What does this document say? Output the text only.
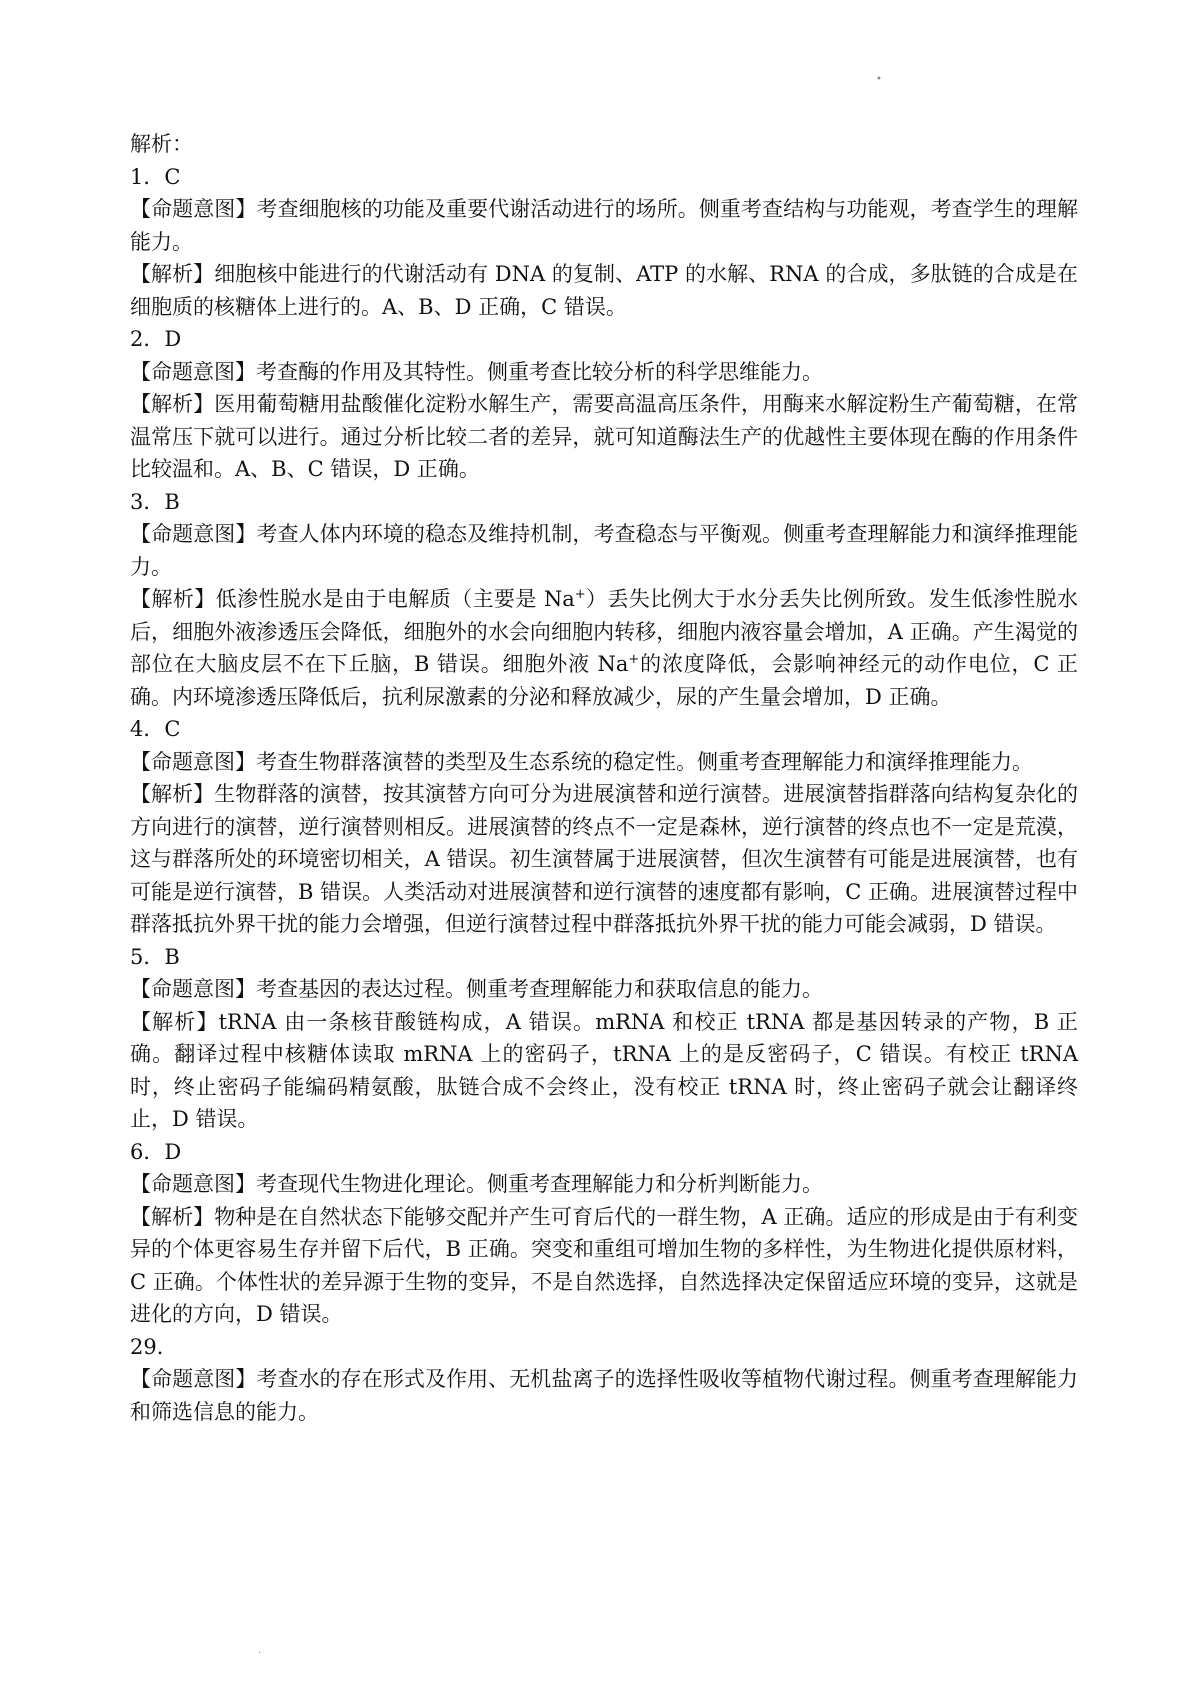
•
·
解析：
1．C
【命题意图】考查细胞核的功能及重要代谢活动进行的场所。侧重考查结构与功能观，考查学生的理解能力。
【解析】细胞核中能进行的代谢活动有 DNA 的复制、ATP 的水解、RNA 的合成，多肽链的合成是在细胞质的核糖体上进行的。A、B、D 正确，C 错误。
2．D
【命题意图】考查酶的作用及其特性。侧重考查比较分析的科学思维能力。
【解析】医用葡萄糖用盐酸催化淀粉水解生产，需要高温高压条件，用酶来水解淀粉生产葡萄糖，在常温常压下就可以进行。通过分析比较二者的差异，就可知道酶法生产的优越性主要体现在酶的作用条件比较温和。A、B、C 错误，D 正确。
3．B
【命题意图】考查人体内环境的稳态及维持机制，考查稳态与平衡观。侧重考查理解能力和演绎推理能力。
【解析】低渗性脱水是由于电解质（主要是 Na+）丢失比例大于水分丢失比例所致。发生低渗性脱水后，细胞外液渗透压会降低，细胞外的水会向细胞内转移，细胞内液容量会增加，A 正确。产生渴觉的部位在大脑皮层不在下丘脑，B 错误。细胞外液 Na+的浓度降低，会影响神经元的动作电位，C 正确。内环境渗透压降低后，抗利尿激素的分泌和释放减少，尿的产生量会增加，D 正确。
4．C
【命题意图】考查生物群落演替的类型及生态系统的稳定性。侧重考查理解能力和演绎推理能力。
【解析】生物群落的演替，按其演替方向可分为进展演替和逆行演替。进展演替指群落向结构复杂化的方向进行的演替，逆行演替则相反。进展演替的终点不一定是森林，逆行演替的终点也不一定是荒漠，这与群落所处的环境密切相关，A 错误。初生演替属于进展演替，但次生演替有可能是进展演替，也有可能是逆行演替，B 错误。人类活动对进展演替和逆行演替的速度都有影响，C 正确。进展演替过程中群落抵抗外界干扰的能力会增强，但逆行演替过程中群落抵抗外界干扰的能力可能会减弱，D 错误。
5．B
【命题意图】考查基因的表达过程。侧重考查理解能力和获取信息的能力。
【解析】tRNA 由一条核苷酸链构成，A 错误。mRNA 和校正 tRNA 都是基因转录的产物，B 正确。翻译过程中核糖体读取 mRNA 上的密码子，tRNA 上的是反密码子，C 错误。有校正 tRNA 时，终止密码子能编码精氨酸，肽链合成不会终止，没有校正 tRNA 时，终止密码子就会让翻译终止，D 错误。
6．D
【命题意图】考查现代生物进化理论。侧重考查理解能力和分析判断能力。
【解析】物种是在自然状态下能够交配并产生可育后代的一群生物，A 正确。适应的形成是由于有利变异的个体更容易生存并留下后代，B 正确。突变和重组可增加生物的多样性，为生物进化提供原材料，C 正确。个体性状的差异源于生物的变异，不是自然选择，自然选择决定保留适应环境的变异，这就是进化的方向，D 错误。
29．
【命题意图】考查水的存在形式及作用、无机盐离子的选择性吸收等植物代谢过程。侧重考查理解能力和筛选信息的能力。
